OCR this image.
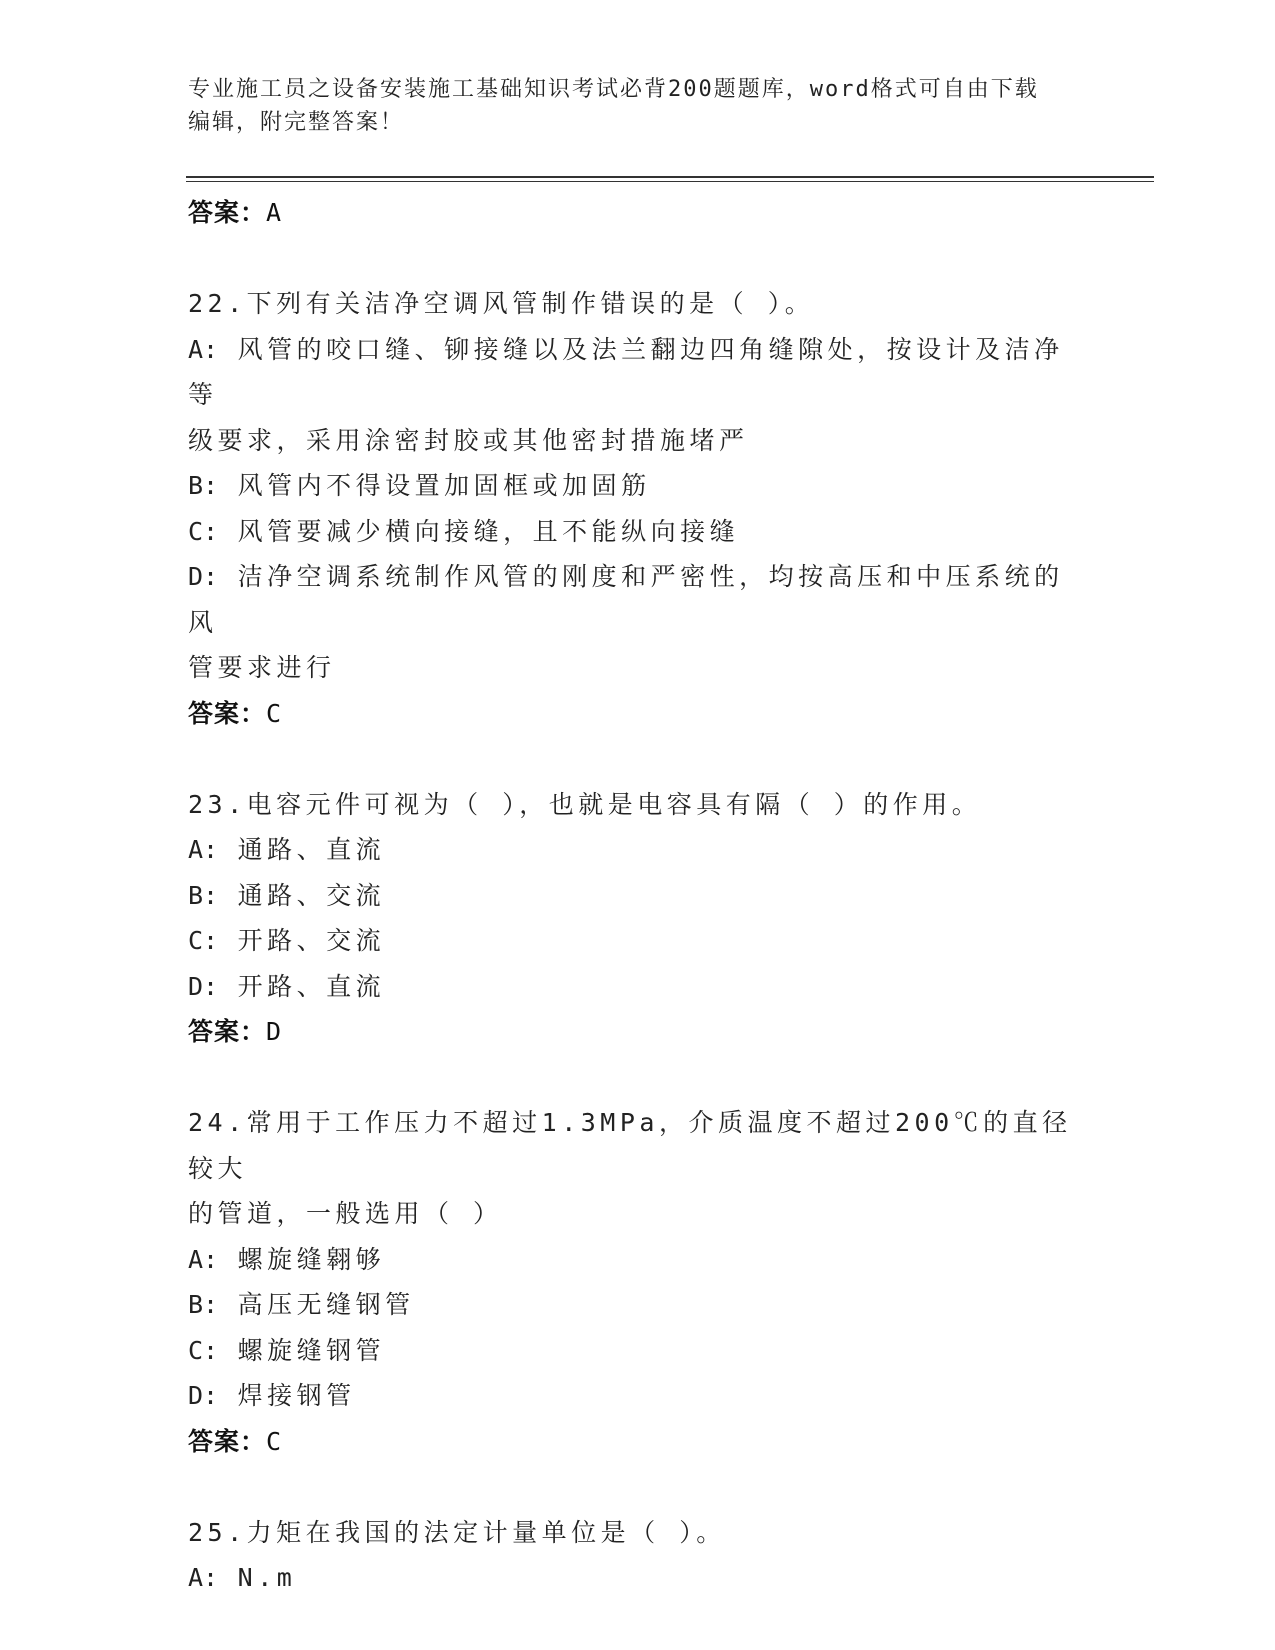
专业施工员之设备安装施工基础知识考试必背200题题库，word格式可自由下载
编辑，附完整答案！
答案：A
22.下列有关洁净空调风管制作错误的是（ ）。
A: 风管的咬口缝、铆接缝以及法兰翻边四角缝隙处，按设计及洁净等
级要求，采用涂密封胶或其他密封措施堵严
B: 风管内不得设置加固框或加固筋
C: 风管要减少横向接缝，且不能纵向接缝
D: 洁净空调系统制作风管的刚度和严密性，均按高压和中压系统的风
管要求进行
答案：C
23.电容元件可视为（ ），也就是电容具有隔（ ）的作用。
A: 通路、直流
B: 通路、交流
C: 开路、交流
D: 开路、直流
答案：D
24.常用于工作压力不超过1.3MPa，介质温度不超过200℃的直径较大
的管道，一般选用（ ）
A: 螺旋缝翱够
B: 高压无缝钢管
C: 螺旋缝钢管
D: 焊接钢管
答案：C
25.力矩在我国的法定计量单位是（ ）。
A: N.m
